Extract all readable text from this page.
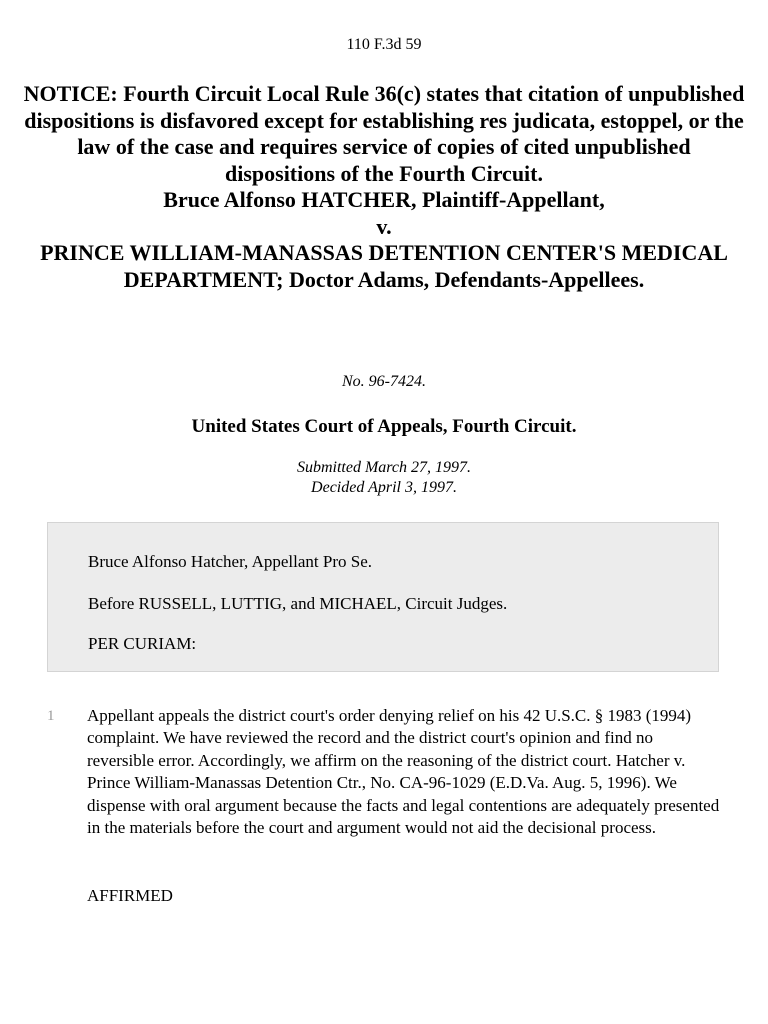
110 F.3d 59
NOTICE: Fourth Circuit Local Rule 36(c) states that citation of unpublished dispositions is disfavored except for establishing res judicata, estoppel, or the law of the case and requires service of copies of cited unpublished dispositions of the Fourth Circuit.
Bruce Alfonso HATCHER, Plaintiff-Appellant,
v.
PRINCE WILLIAM-MANASSAS DETENTION CENTER'S MEDICAL
DEPARTMENT; Doctor Adams, Defendants-Appellees.
No. 96-7424.
United States Court of Appeals, Fourth Circuit.
Submitted March 27, 1997.
Decided April 3, 1997.
Bruce Alfonso Hatcher, Appellant Pro Se.
Before RUSSELL, LUTTIG, and MICHAEL, Circuit Judges.
PER CURIAM:
1 Appellant appeals the district court's order denying relief on his 42 U.S.C. § 1983 (1994) complaint. We have reviewed the record and the district court's opinion and find no reversible error. Accordingly, we affirm on the reasoning of the district court. Hatcher v. Prince William-Manassas Detention Ctr., No. CA-96-1029 (E.D.Va. Aug. 5, 1996). We dispense with oral argument because the facts and legal contentions are adequately presented in the materials before the court and argument would not aid the decisional process.
AFFIRMED
